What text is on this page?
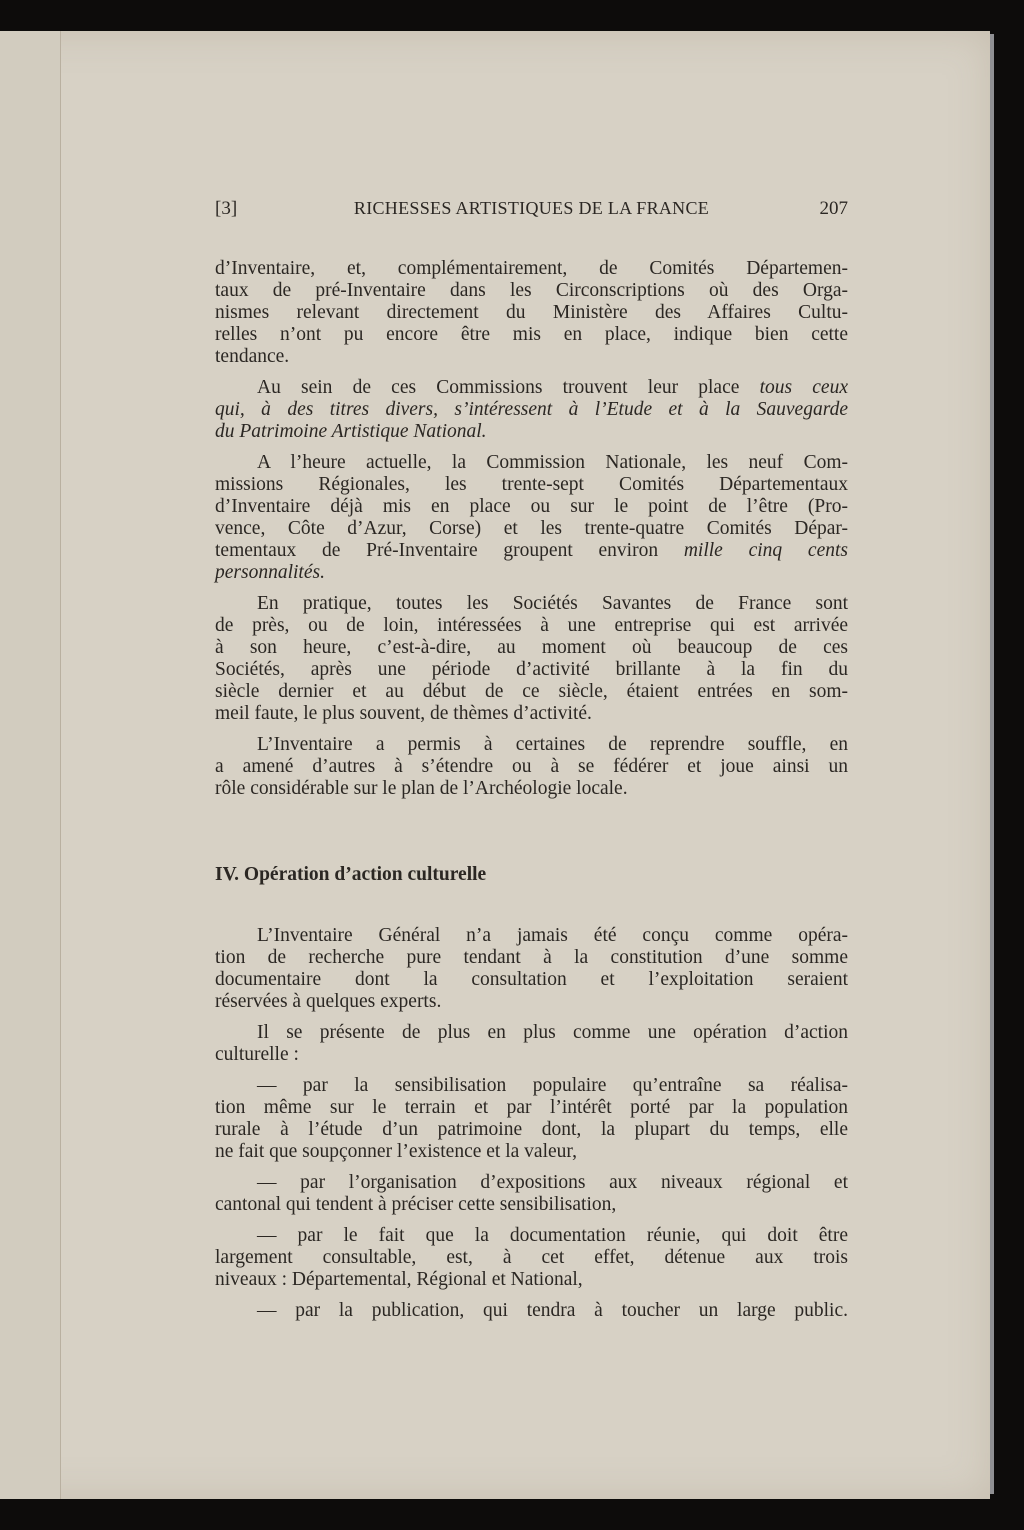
[3]	RICHESSES ARTISTIQUES DE LA FRANCE	207
d’Inventaire, et, complémentairement, de Comités Départemen-
taux de pré-Inventaire dans les Circonscriptions où des Orga-
nismes relevant directement du Ministère des Affaires Cultu-
relles n’ont pu encore être mis en place, indique bien cette
tendance.
Au sein de ces Commissions trouvent leur place tous ceux
qui, à des titres divers, s’intéressent à l’Etude et à la Sauvegarde
du Patrimoine Artistique National.
A l’heure actuelle, la Commission Nationale, les neuf Com-
missions Régionales, les trente-sept Comités Départementaux
d’Inventaire déjà mis en place ou sur le point de l’être (Pro-
vence, Côte d’Azur, Corse) et les trente-quatre Comités Dépar-
tementaux de Pré-Inventaire groupent environ mille cinq cents
personnalités.
En pratique, toutes les Sociétés Savantes de France sont
de près, ou de loin, intéressées à une entreprise qui est arrivée
à son heure, c’est-à-dire, au moment où beaucoup de ces
Sociétés, après une période d’activité brillante à la fin du
siècle dernier et au début de ce siècle, étaient entrées en som-
meil faute, le plus souvent, de thèmes d’activité.
L’Inventaire a permis à certaines de reprendre souffle, en
a amené d’autres à s’étendre ou à se fédérer et joue ainsi un
rôle considérable sur le plan de l’Archéologie locale.
IV. Opération d’action culturelle
L’Inventaire Général n’a jamais été conçu comme opéra-
tion de recherche pure tendant à la constitution d’une somme
documentaire dont la consultation et l’exploitation seraient
réservées à quelques experts.
Il se présente de plus en plus comme une opération d’action
culturelle :
— par la sensibilisation populaire qu’entraîne sa réalisa-
tion même sur le terrain et par l’intérêt porté par la population
rurale à l’étude d’un patrimoine dont, la plupart du temps, elle
ne fait que soupçonner l’existence et la valeur,
— par l’organisation d’expositions aux niveaux régional et
cantonal qui tendent à préciser cette sensibilisation,
— par le fait que la documentation réunie, qui doit être
largement consultable, est, à cet effet, détenue aux trois
niveaux : Départemental, Régional et National,
— par la publication, qui tendra à toucher un large public.
